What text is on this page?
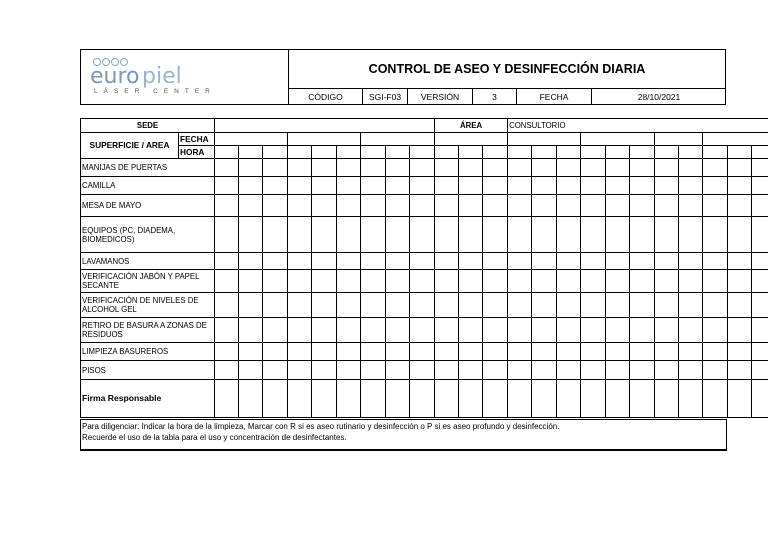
euro piel
LÁSER CENTER
CONTROL DE ASEO Y DESINFECCIÓN DIARIA
CÓDIGO	SGI-F03	VERSIÓN	3	FECHA	28/10/2021
SEDE											ÁREA			CONSULTORIO										
SUPERFICIE / AREA	FECHA																							
	HORA																							
MANIJAS DE PUERTAS																								
CAMILLA																								
MESA DE MAYO																								
EQUIPOS (PC, DIADEMA, BIOMEDICOS)																								
LAVAMANOS																								
VERIFICACIÓN JABÓN Y PAPEL SECANTE																								
VERIFICACIÓN DE NIVELES DE ALCOHOL GEL																								
RETIRO DE BASURA A ZONAS DE RESIDUOS																								
LIMPIEZA BASUREROS																								
PISOS																								
Firma Responsable																								
Para diligenciar: Indicar la hora de la limpieza, Marcar con R si es aseo rutinario y desinfección o P si es aseo profundo y desinfección.
Recuerde el uso de la tabla para el uso y concentración de desinfectantes.
